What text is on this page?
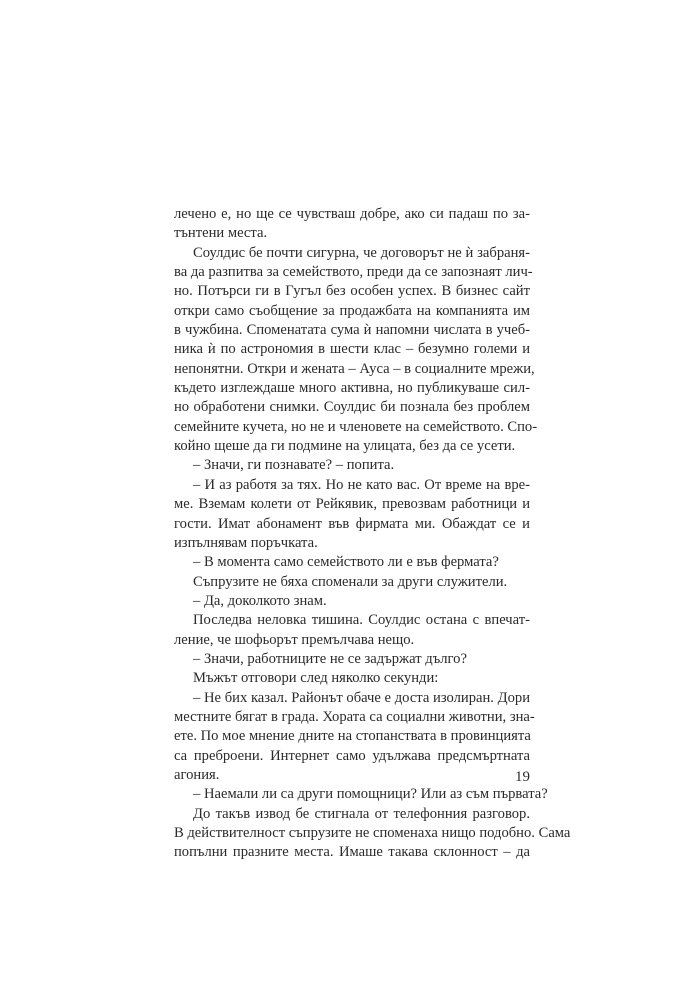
лечено е, но ще се чувстваш добре, ако си падаш по за-
тънтени места.
Соулдис бе почти сигурна, че договорът не ѝ забраня-
ва да разпитва за семейството, преди да се запознаят лич-
но. Потърси ги в Гугъл без особен успех. В бизнес сайт
откри само съобщение за продажбата на компанията им
в чужбина. Споменатата сума ѝ напомни числата в учеб-
ника ѝ по астрономия в шести клас – безумно големи и
непонятни. Откри и жената – Ауса – в социалните мрежи,
където изглеждаше много активна, но публикуваше сил-
но обработени снимки. Соулдис би познала без проблем
семейните кучета, но не и членовете на семейството. Спо-
койно щеше да ги подмине на улицата, без да се усети.
– Значи, ги познавате? – попита.
– И аз работя за тях. Но не като вас. От време на вре-
ме. Вземам колети от Рейкявик, превозвам работници и
гости. Имат абонамент във фирмата ми. Обаждат се и
изпълнявам поръчката.
– В момента само семейството ли е във фермата?
Съпрузите не бяха споменали за други служители.
– Да, доколкото знам.
Последва неловка тишина. Соулдис остана с впечат-
ление, че шофьорът премълчава нещо.
– Значи, работниците не се задържат дълго?
Мъжът отговори след няколко секунди:
– Не бих казал. Районът обаче е доста изолиран. Дори
местните бягат в града. Хората са социални животни, зна-
ете. По мое мнение дните на стопанствата в провинцията
са преброени. Интернет само удължава предсмъртната
агония.
– Наемали ли са други помощници? Или аз съм първата?
До такъв извод бе стигнала от телефонния разговор.
В действителност съпрузите не споменаха нищо подобно. Сама
попълни празните места. Имаше такава склонност – да
19
